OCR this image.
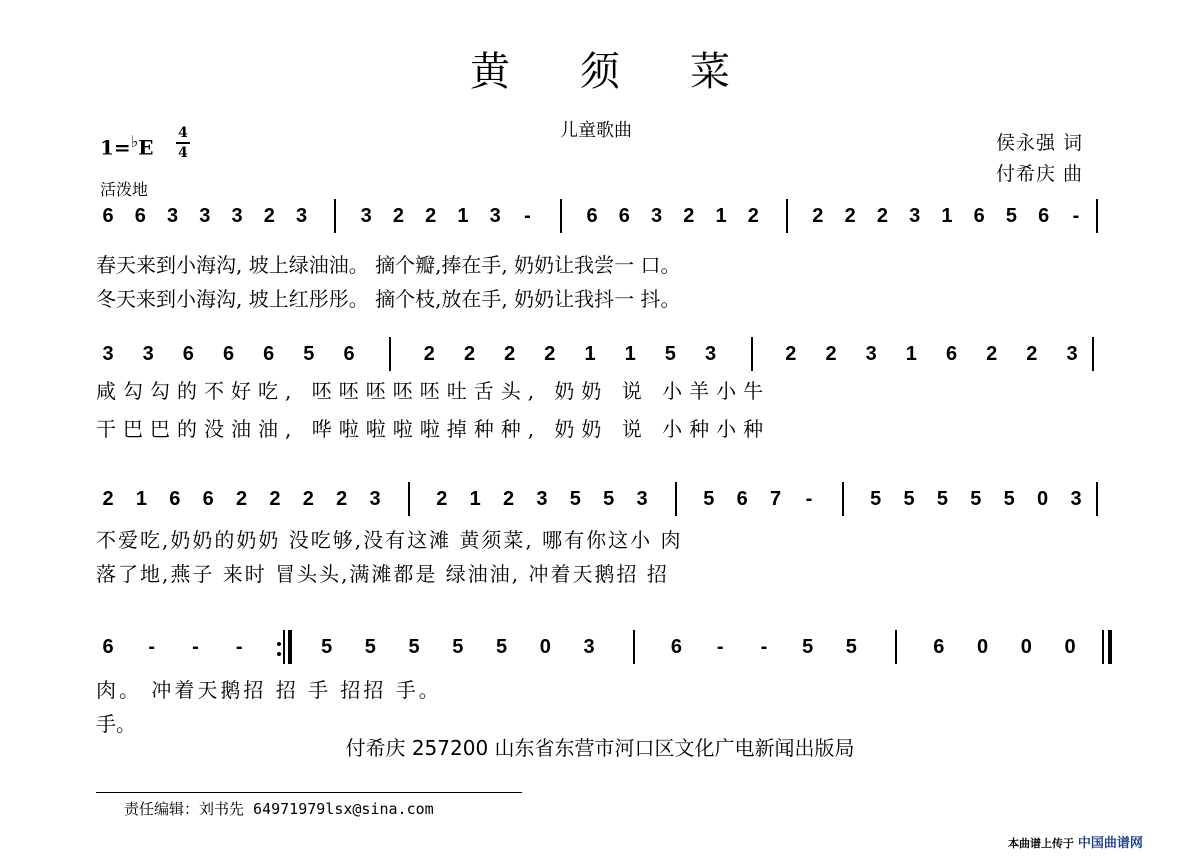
黄须菜
儿童歌曲
侯永强 词
付希庆 曲
1=♭E
4
4
活泼地
6 6 3 3 3 2 3	3 2 2 1 3 -	6 6 3 2 1 2	2 2 2 3 1 6 5 6 -
春天来到小海沟, 坡上绿油油。 摘个瓣,捧在手, 奶奶让我尝一 口。
冬天来到小海沟, 坡上红彤彤。 摘个枝,放在手, 奶奶让我抖一 抖。
3 3 6 6 6 5 6	2 2 2 2 1 1 5 3	2 2 3 1 6 2 2 3
咸勾勾的不好吃, 呸呸呸呸呸吐舌头, 奶奶 说 小羊小牛
干巴巴的没油油, 哗啦啦啦啦掉种种, 奶奶 说 小种小种
2 1 6 6 2 2 2 2 3	2 1 2 3 5 5 3	5 6 7 -	5 5 5 5 5 0 3
不爱吃,奶奶的奶奶 没吃够,没有这滩 黄须菜, 哪有你这小 肉
落了地,燕子 来时 冒头头,满滩都是 绿油油, 冲着天鹅招 招
6 - - -	5 5 5 5 5 0 3	6 - - 5 5	6 0 0 0
肉。 冲着天鹅招 招 手 招招 手。
手。
付希庆 257200 山东省东营市河口区文化广电新闻出版局
责任编辑：刘书先 64971979lsx@sina.com
本曲谱上传于 中国曲谱网
